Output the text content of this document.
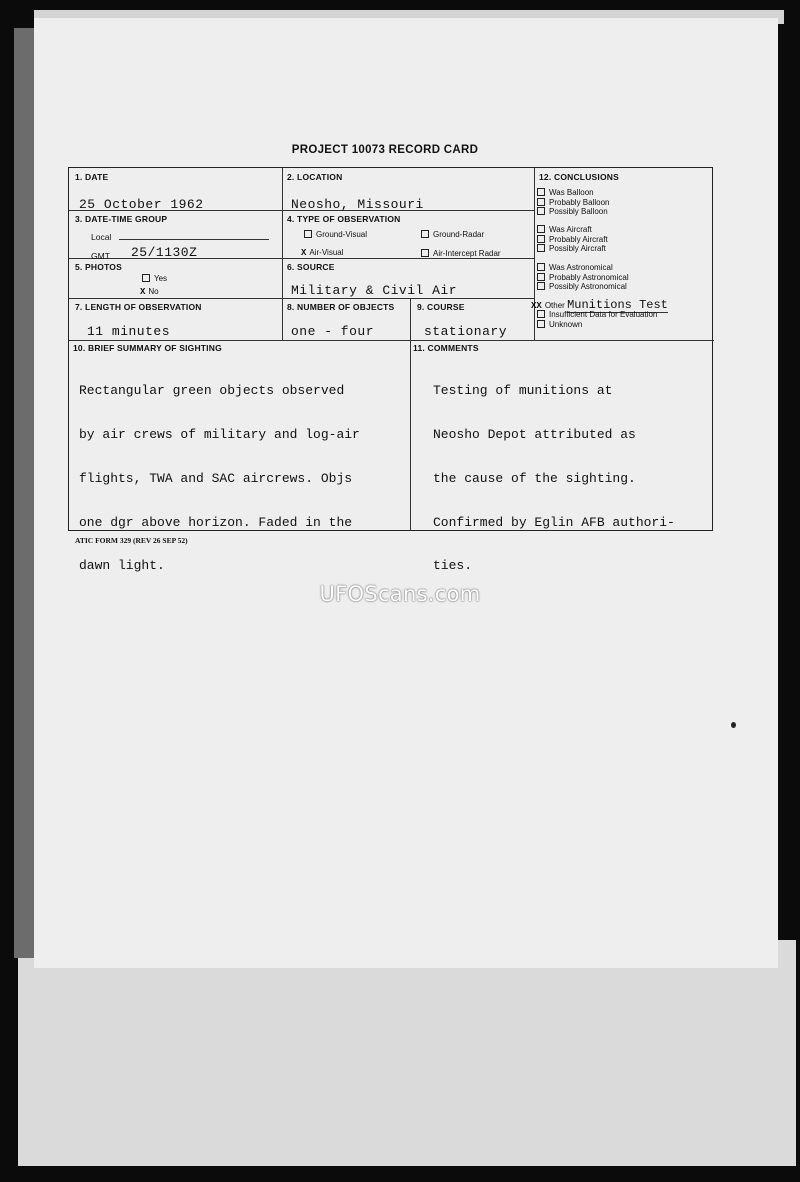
PROJECT 10073 RECORD CARD
1. DATE
25 October 1962
2. LOCATION
Neosho, Missouri
3. DATE-TIME GROUP
Local
GMT 25/1130Z
4. TYPE OF OBSERVATION
Ground-Visual	Ground-Radar
X Air-Visual	Air-Intercept Radar
5. PHOTOS
Yes
X No
6. SOURCE
Military & Civil Air
7. LENGTH OF OBSERVATION
11 minutes
8. NUMBER OF OBJECTS
one - four
9. COURSE
stationary
12. CONCLUSIONS
Was Balloon
Probably Balloon
Possibly Balloon
Was Aircraft
Probably Aircraft
Possibly Aircraft
Was Astronomical
Probably Astronomical
Possibly Astronomical
XX Other Munitions Test
Insufficient Data for Evaluation
Unknown
10. BRIEF SUMMARY OF SIGHTING

Rectangular green objects observed

by air crews of military and log-air

flights, TWA and SAC aircrews. Objs

one dgr above horizon. Faded in the

dawn light.

11. COMMENTS

Testing of munitions at

Neosho Depot attributed as

the cause of the sighting.

Confirmed by Eglin AFB authori-

ties.

ATIC FORM 329 (REV 26 SEP 52)
UFOScans.com
